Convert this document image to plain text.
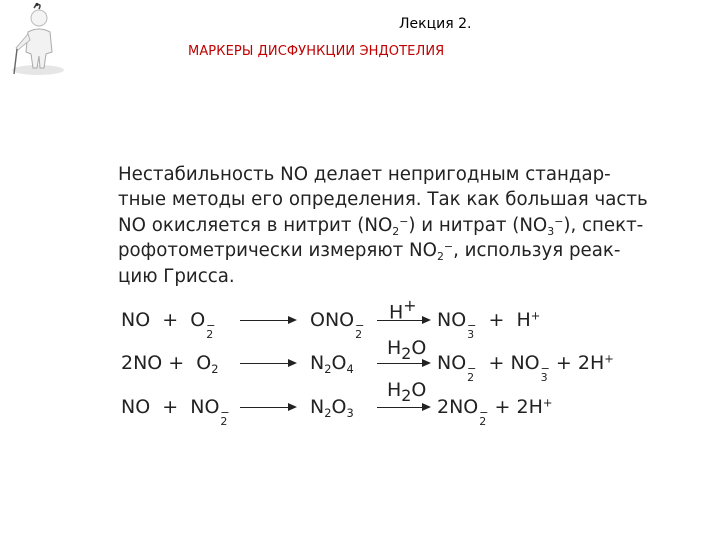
Лекция 2.
МАРКЕРЫ ДИСФУНКЦИИ ЭНДОТЕЛИЯ
Нестабильность NO делает непригодным стандар-
тные методы его определения. Так как большая часть
NO окисляется в нитрит $(NO_2^-)$ и нитрат $(NO_3^-)$, спект-
рофотометрически измеряют $NO_2^-$, используя реак-
цию Грисса.
NO  +  O −
2
→ ONO −
2
H+
→ NO −
3
+  H+
$2NO + O_2 \to N_2O_4$
$H_2O$
→ NO −
2
+ NO −
3
+ 2H+
NO  +  NO −
2
→ $N_2O_3$
$H_2O$
→ 2NO −
2
+ 2H+
